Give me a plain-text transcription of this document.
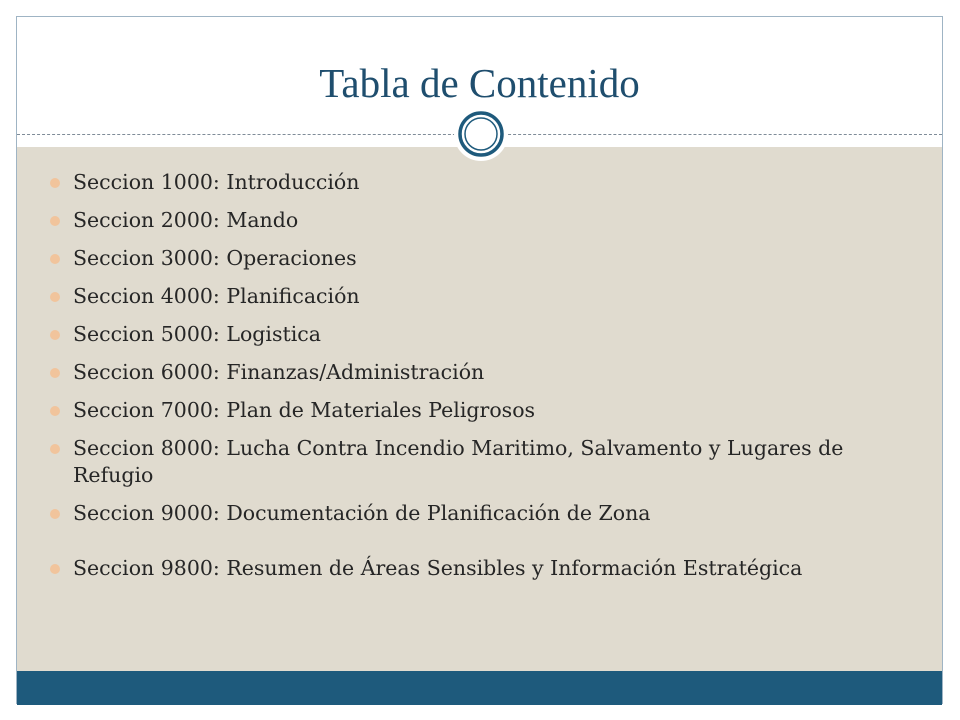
Tabla de Contenido
Seccion 1000: Introducción
Seccion 2000: Mando
Seccion 3000: Operaciones
Seccion 4000: Planificación
Seccion 5000: Logistica
Seccion 6000: Finanzas/Administración
Seccion 7000: Plan de Materiales Peligrosos
Seccion 8000: Lucha Contra Incendio Maritimo, Salvamento y Lugares de Refugio
Seccion 9000: Documentación de Planificación de Zona
Seccion 9800: Resumen de Áreas Sensibles y Información Estratégica
